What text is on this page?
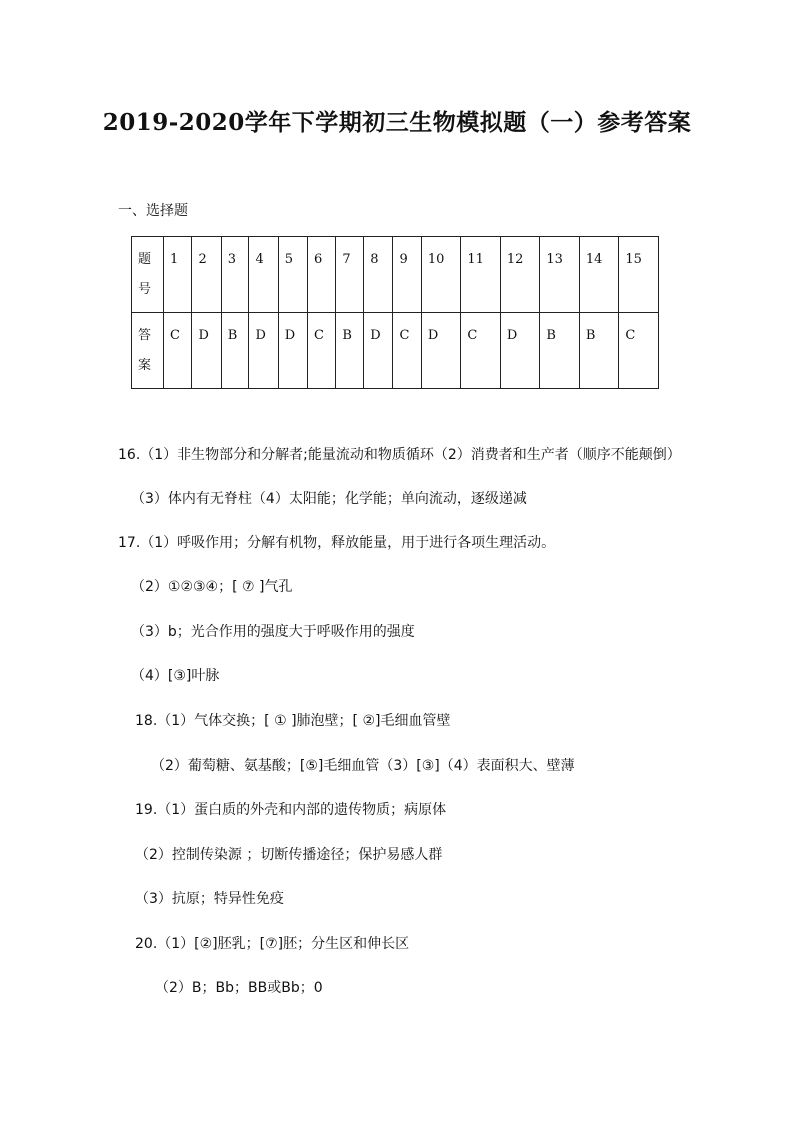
2019-2020学年下学期初三生物模拟题（一）参考答案
一、选择题
题号	1	2	3	4	5	6	7	8	9	10	11	12	13	14	15
答案	C	D	B	D	D	C	B	D	C	D	C	D	B	B	C
16.（1）非生物部分和分解者;能量流动和物质循环（2）消费者和生产者（顺序不能颠倒）
（3）体内有无脊柱（4）太阳能；化学能；单向流动，逐级递减
17.（1）呼吸作用；分解有机物，释放能量，用于进行各项生理活动。
（2）①②③④；[ ⑦ ]气孔
（3）b；光合作用的强度大于呼吸作用的强度
（4）[③]叶脉
18.（1）气体交换；[ ① ]肺泡壁；[ ②]毛细血管壁
（2）葡萄糖、氨基酸；[⑤]毛细血管（3）[③]（4）表面积大、壁薄
19.（1）蛋白质的外壳和内部的遗传物质；病原体
（2）控制传染源 ；切断传播途径；保护易感人群
（3）抗原；特异性免疫
20.（1）[②]胚乳；[⑦]胚；分生区和伸长区
（2）B；Bb；BB或Bb；0
